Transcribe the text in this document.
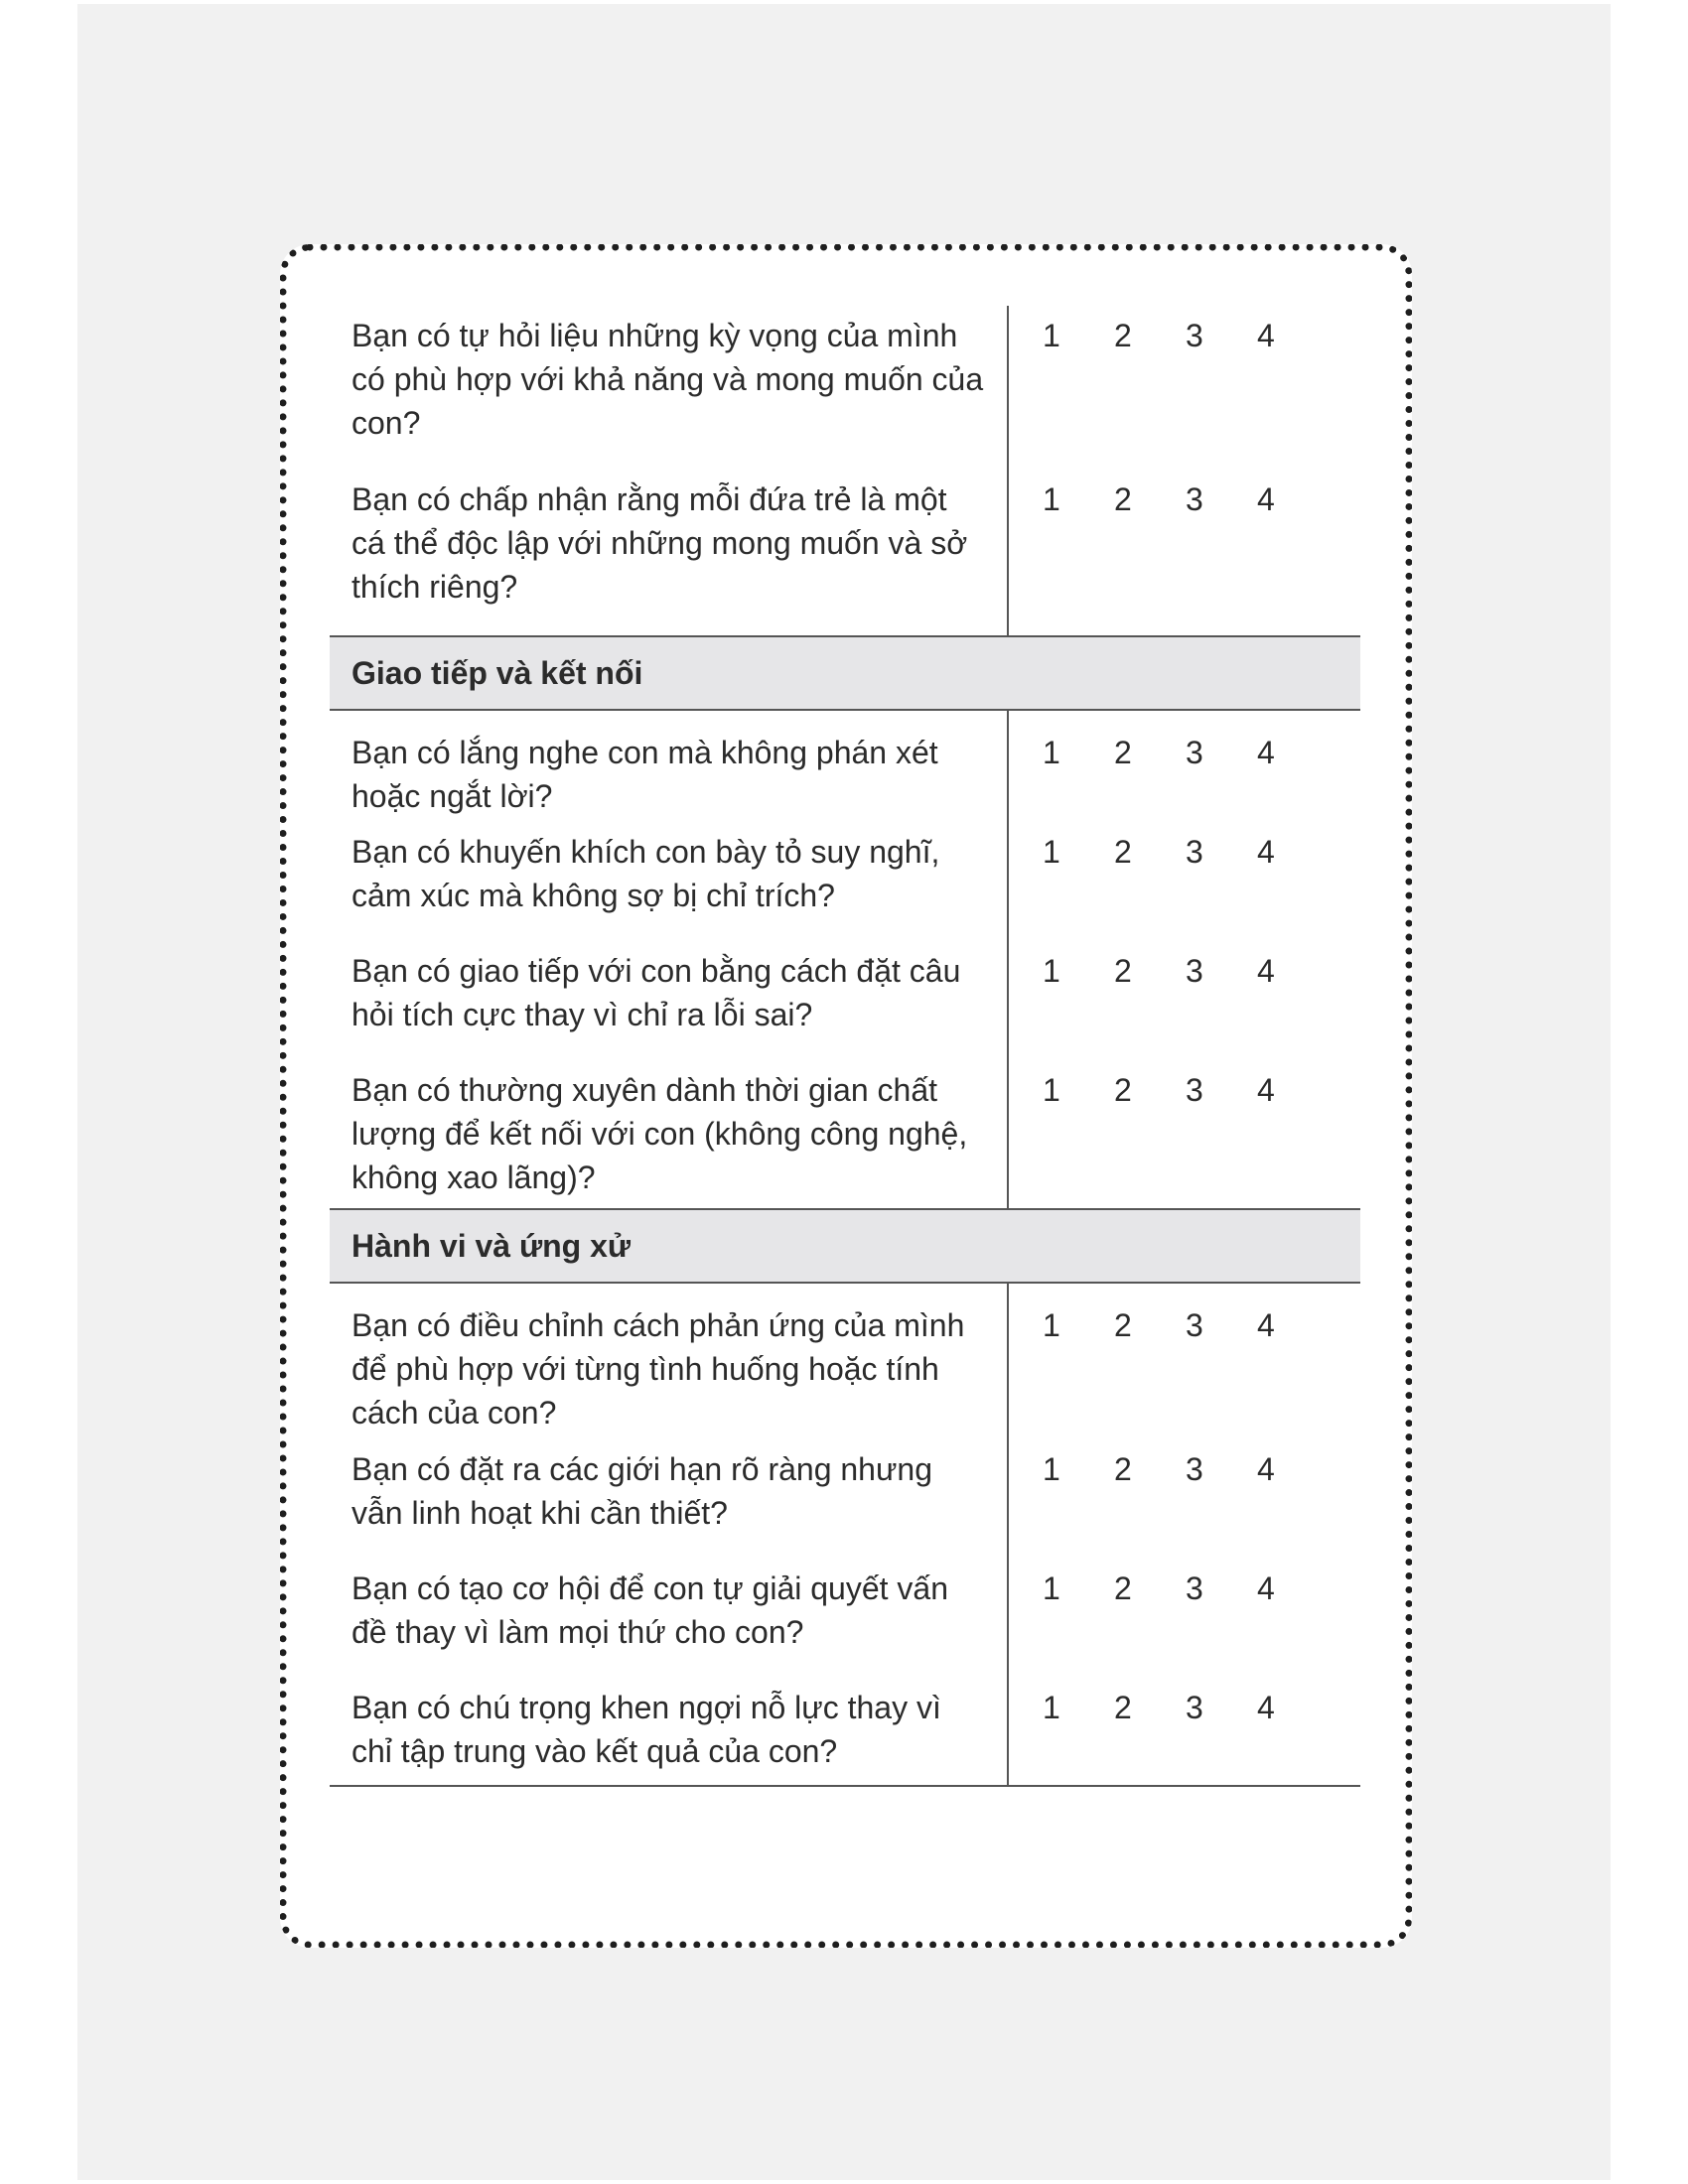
Bạn có tự hỏi liệu những kỳ vọng của mình có phù hợp với khả năng và mong muốn của con?
1	2	3	4
Bạn có chấp nhận rằng mỗi đứa trẻ là một cá thể độc lập với những mong muốn và sở thích riêng?
1	2	3	4
Giao tiếp và kết nối
Bạn có lắng nghe con mà không phán xét hoặc ngắt lời?
1	2	3	4
Bạn có khuyến khích con bày tỏ suy nghĩ, cảm xúc mà không sợ bị chỉ trích?
1	2	3	4
Bạn có giao tiếp với con bằng cách đặt câu hỏi tích cực thay vì chỉ ra lỗi sai?
1	2	3	4
Bạn có thường xuyên dành thời gian chất lượng để kết nối với con (không công nghệ, không xao lãng)?
1	2	3	4
Hành vi và ứng xử
Bạn có điều chỉnh cách phản ứng của mình để phù hợp với từng tình huống hoặc tính cách của con?
1	2	3	4
Bạn có đặt ra các giới hạn rõ ràng nhưng vẫn linh hoạt khi cần thiết?
1	2	3	4
Bạn có tạo cơ hội để con tự giải quyết vấn đề thay vì làm mọi thứ cho con?
1	2	3	4
Bạn có chú trọng khen ngợi nỗ lực thay vì chỉ tập trung vào kết quả của con?
1	2	3	4
